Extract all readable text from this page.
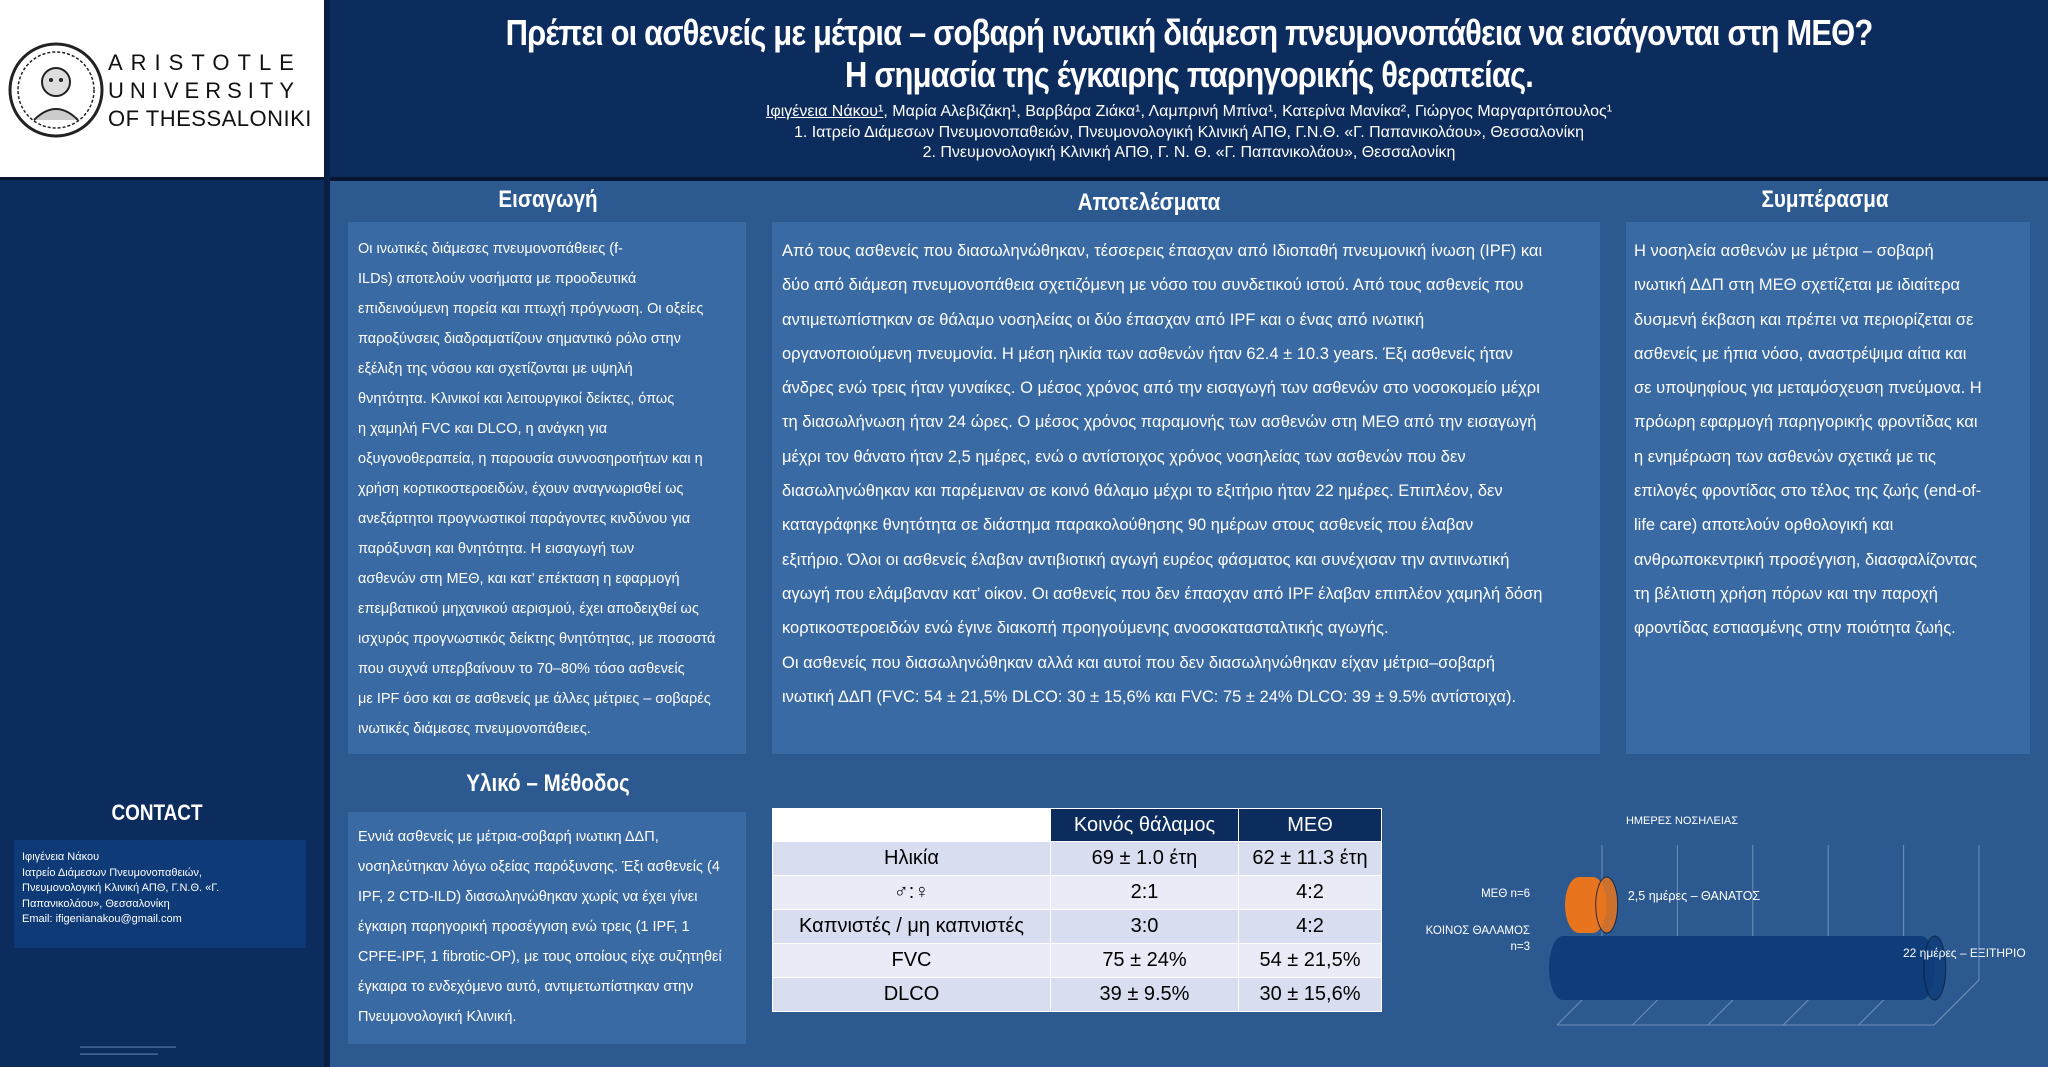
ARISTOTLE
UNIVERSITY
OF THESSALONIKI
Πρέπει οι ασθενείς με μέτρια – σοβαρή ινωτική διάμεση πνευμονοπάθεια να εισάγονται στη ΜΕΘ?
Η σημασία της έγκαιρης παρηγορικής θεραπείας.
Ιφιγένεια Νάκου¹, Μαρία Αλεβιζάκη¹, Βαρβάρα Ζιάκα¹, Λαμπρινή Μπίνα¹, Κατερίνα Μανίκα², Γιώργος Μαργαριτόπουλος¹
1. Ιατρείο Διάμεσων Πνευμονοπαθειών, Πνευμονολογική Κλινική ΑΠΘ, Γ.Ν.Θ. «Γ. Παπανικολάου», Θεσσαλονίκη
2. Πνευμονολογική Κλινική ΑΠΘ, Γ. Ν. Θ. «Γ. Παπανικολάου», Θεσσαλονίκη
CONTACT
Ιφιγένεια Νάκου
Ιατρείο Διάμεσων Πνευμονοπαθειών,
Πνευμονολογική Κλινική ΑΠΘ, Γ.Ν.Θ. «Γ.
Παπανικολάου», Θεσσαλονίκη
Email: ifigenianakou@gmail.com
▬▬▬▬▬▬▬▬▬▬▬▬▬▬▬▬
▬▬▬▬▬▬▬▬▬▬▬▬▬
Εισαγωγή
Οι ινωτικές διάμεσες πνευμονοπάθειες (f-
ILDs) αποτελούν νοσήματα με προοδευτικά
επιδεινούμενη πορεία και πτωχή πρόγνωση. Οι οξείες
παροξύνσεις διαδραματίζουν σημαντικό ρόλο στην
εξέλιξη της νόσου και σχετίζονται με υψηλή
θνητότητα. Κλινικοί και λειτουργικοί δείκτες, όπως
η χαμηλή FVC και DLCO, η ανάγκη για
οξυγονοθεραπεία, η παρουσία συννοσηροτήτων και η
χρήση κορτικοστεροειδών, έχουν αναγνωρισθεί ως
ανεξάρτητοι προγνωστικοί παράγοντες κινδύνου για
παρόξυνση και θνητότητα. Η εισαγωγή των
ασθενών στη ΜΕΘ, και κατ’ επέκταση η εφαρμογή
επεμβατικού μηχανικού αερισμού, έχει αποδειχθεί ως
ισχυρός προγνωστικός δείκτης θνητότητας, με ποσοστά
που συχνά υπερβαίνουν το 70–80% τόσο ασθενείς
με IPF όσο και σε ασθενείς με άλλες μέτριες – σοβαρές
ινωτικές διάμεσες πνευμονοπάθειες.
Αποτελέσματα
Από τους ασθενείς που διασωληνώθηκαν, τέσσερεις έπασχαν από Ιδιοπαθή πνευμονική ίνωση (IPF) και
δύο από διάμεση πνευμονοπάθεια σχετιζόμενη με νόσο του συνδετικού ιστού. Από τους ασθενείς που
αντιμετωπίστηκαν σε θάλαμο νοσηλείας οι δύο έπασχαν από IPF και ο ένας από ινωτική
οργανοποιούμενη πνευμονία. Η μέση ηλικία των ασθενών ήταν 62.4 ± 10.3 years. Έξι ασθενείς ήταν
άνδρες ενώ τρεις ήταν γυναίκες. Ο μέσος χρόνος από την εισαγωγή των ασθενών στο νοσοκομείο μέχρι
τη διασωλήνωση ήταν 24 ώρες. Ο μέσος χρόνος παραμονής των ασθενών στη ΜΕΘ από την εισαγωγή
μέχρι τον θάνατο ήταν 2,5 ημέρες, ενώ ο αντίστοιχος χρόνος νοσηλείας των ασθενών που δεν
διασωληνώθηκαν και παρέμειναν σε κοινό θάλαμο μέχρι το εξιτήριο ήταν 22 ημέρες. Επιπλέον, δεν
καταγράφηκε θνητότητα σε διάστημα παρακολούθησης 90 ημέρων στους ασθενείς που έλαβαν
εξιτήριο. Όλοι οι ασθενείς έλαβαν αντιβιοτική αγωγή ευρέος φάσματος και συνέχισαν την αντιινωτική
αγωγή που ελάμβαναν κατ’ οίκον. Οι ασθενείς που δεν έπασχαν από IPF έλαβαν επιπλέον χαμηλή δόση
κορτικοστεροειδών ενώ έγινε διακοπή προηγούμενης ανοσοκατασταλτικής αγωγής.
Οι ασθενείς που διασωληνώθηκαν αλλά και αυτοί που δεν διασωληνώθηκαν είχαν μέτρια–σοβαρή
ινωτική ΔΔΠ (FVC: 54 ± 21,5% DLCO: 30 ± 15,6% και FVC: 75 ± 24% DLCO: 39 ± 9.5% αντίστοιχα).
Συμπέρασμα
Η νοσηλεία ασθενών με μέτρια – σοβαρή
ινωτική ΔΔΠ στη ΜΕΘ σχετίζεται με ιδιαίτερα
δυσμενή έκβαση και πρέπει να περιορίζεται σε
ασθενείς με ήπια νόσο, αναστρέψιμα αίτια και
σε υποψηφίους για μεταμόσχευση πνεύμονα. Η
πρόωρη εφαρμογή παρηγορικής φροντίδας και
η ενημέρωση των ασθενών σχετικά με τις
επιλογές φροντίδας στο τέλος της ζωής (end-of-
life care) αποτελούν ορθολογική και
ανθρωποκεντρική προσέγγιση, διασφαλίζοντας
τη βέλτιστη χρήση πόρων και την παροχή
φροντίδας εστιασμένης στην ποιότητα ζωής.
Υλικό – Μέθοδος
Εννιά ασθενείς με μέτρια-σοβαρή ινωτικη ΔΔΠ,
νοσηλεύτηκαν λόγω οξείας παρόξυνσης. Έξι ασθενείς (4
IPF, 2 CTD-ILD) διασωληνώθηκαν χωρίς να έχει γίνει
έγκαιρη παρηγορική προσέγγιση ενώ τρεις (1 IPF, 1
CPFE-IPF, 1 fibrotic-OP), με τους οποίους είχε συζητηθεί
έγκαιρα το ενδεχόμενο αυτό, αντιμετωπίστηκαν στην
Πνευμονολογική Κλινική.
	Κοινός θάλαμος	ΜΕΘ
Ηλικία	69 ± 1.0 έτη	62 ± 11.3 έτη
♂:♀	2:1	4:2
Καπνιστές / μη καπνιστές	3:0	4:2
FVC	75 ± 24%	54 ± 21,5%
DLCO	39 ± 9.5%	30 ± 15,6%
ΗΜΕΡΕΣ ΝΟΣΗΛΕΙΑΣ
ΜΕΘ n=6
ΚΟΙΝΟΣ ΘΑΛΑΜΟΣ
n=3
2,5 ημέρες – ΘΑΝΑΤΟΣ
22 ημέρες – ΕΞΙΤΗΡΙΟ
